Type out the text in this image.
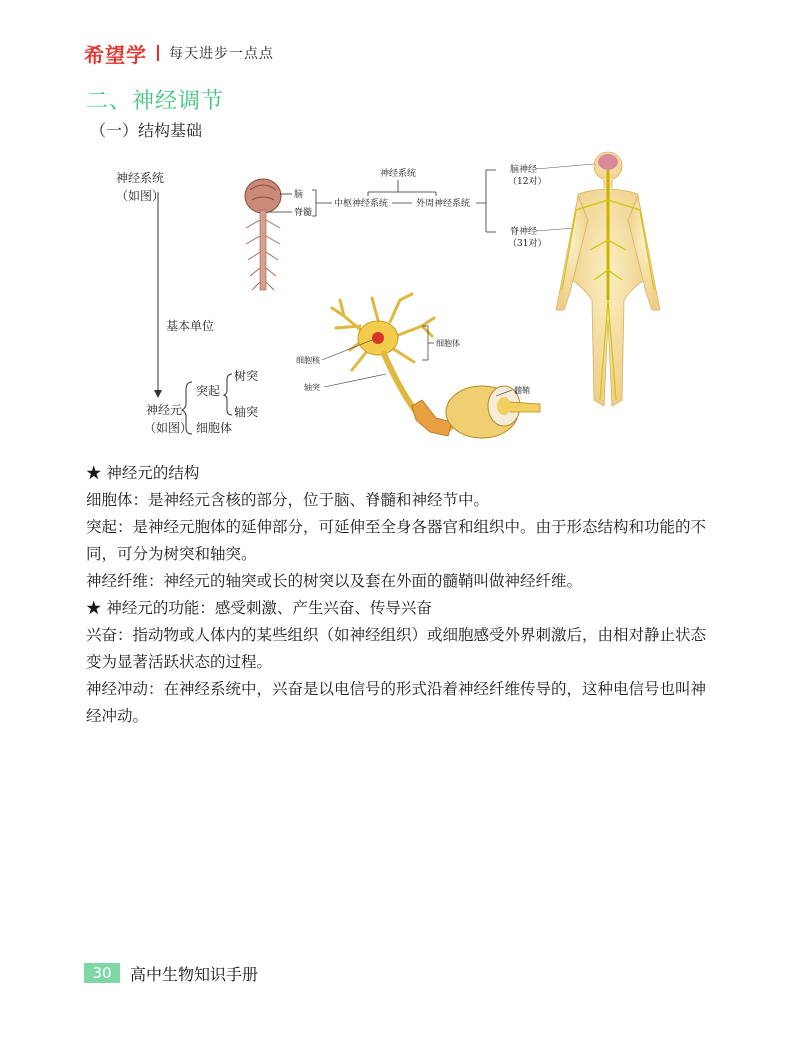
希望学 每天进步一点点
二、神经调节
（一）结构基础
神经系统
（如图）
基本单位
神经元
（如图）
突起
树突
轴突
细胞体
脑
脊髓
神经系统
中枢神经系统	外周神经系统
脑神经
（12对）
脊神经
（31对）
细胞核
细胞体
轴突	髓鞘

★ 神经元的结构

细胞体：是神经元含核的部分，位于脑、脊髓和神经节中。

突起：是神经元胞体的延伸部分，可延伸至全身各器官和组织中。由于形态结构和功能的不同，可分为树突和轴突。

神经纤维：神经元的轴突或长的树突以及套在外面的髓鞘叫做神经纤维。

★ 神经元的功能：感受刺激、产生兴奋、传导兴奋

兴奋：指动物或人体内的某些组织（如神经组织）或细胞感受外界刺激后，由相对静止状态变为显著活跃状态的过程。

神经冲动：在神经系统中，兴奋是以电信号的形式沿着神经纤维传导的，这种电信号也叫神经冲动。

30	高中生物知识手册
